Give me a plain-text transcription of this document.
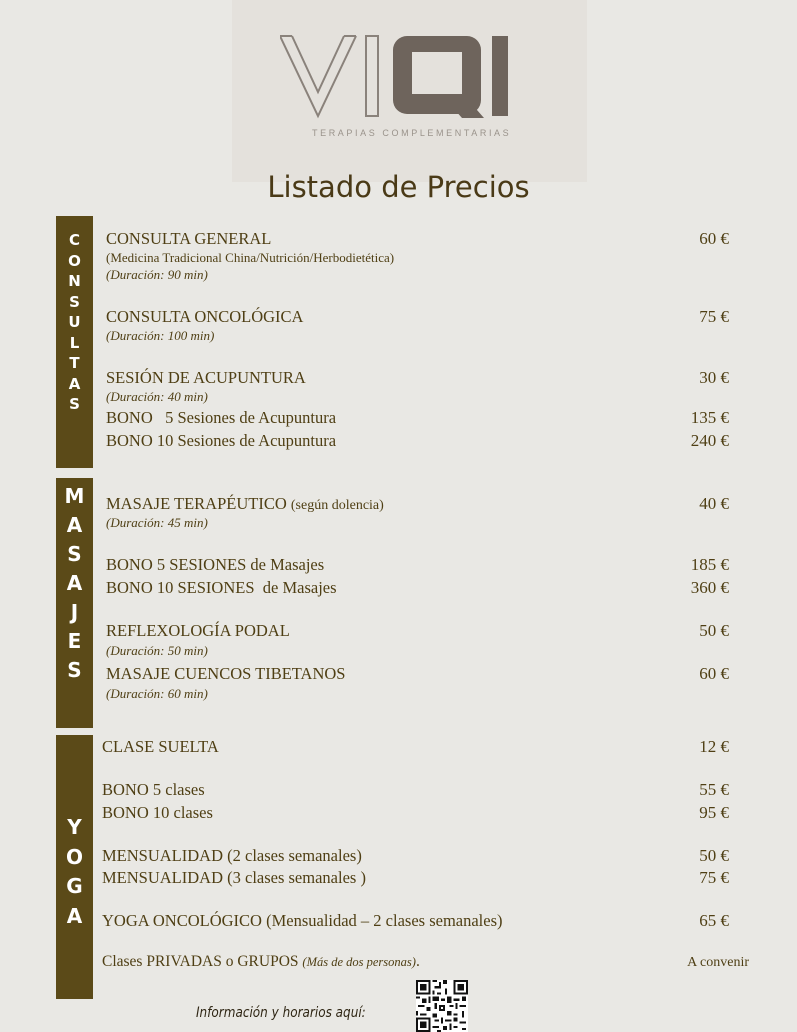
TERAPIAS COMPLEMENTARIAS
Listado de Precios
C
O
N
S
U
L
T
A
S
M
A
S
A
J
E
S
Y
O
G
A
CONSULTA GENERAL
(Medicina Tradicional China/Nutrición/Herbodietética)
(Duración: 90 min)
60 €
CONSULTA ONCOLÓGICA
(Duración: 100 min)
75 €
SESIÓN DE ACUPUNTURA
(Duración: 40 min)
30 €
BONO   5 Sesiones de Acupuntura	135 €
BONO 10 Sesiones de Acupuntura	240 €
MASAJE TERAPÉUTICO (según dolencia)
(Duración: 45 min)
40 €
BONO 5 SESIONES de Masajes	185 €
BONO 10 SESIONES  de Masajes	360 €
REFLEXOLOGÍA PODAL
(Duración: 50 min)
50 €
MASAJE CUENCOS TIBETANOS
(Duración: 60 min)
60 €
CLASE SUELTA	12 €
BONO 5 clases	55 €
BONO 10 clases	95 €
MENSUALIDAD (2 clases semanales)	50 €
MENSUALIDAD (3 clases semanales )	75 €
YOGA ONCOLÓGICO (Mensualidad – 2 clases semanales)	65 €
Clases PRIVADAS o GRUPOS (Más de dos personas).	A convenir
Información y horarios aquí:
